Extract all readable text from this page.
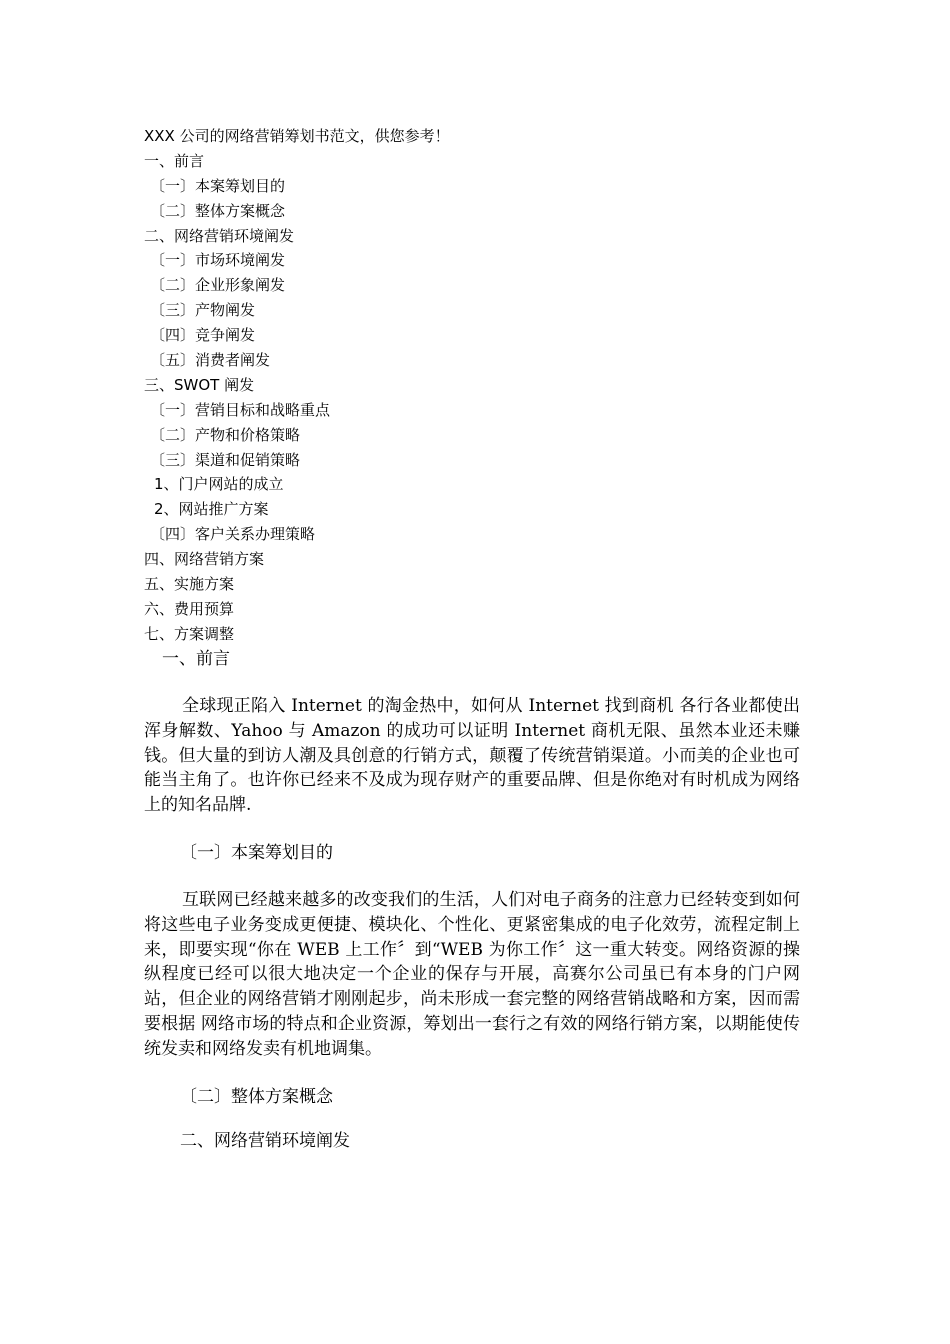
XXX 公司的网络营销筹划书范文，供您参考！
一、前言
〔一〕本案筹划目的
〔二〕整体方案概念
二、网络营销环境阐发
〔一〕市场环境阐发
〔二〕企业形象阐发
〔三〕产物阐发
〔四〕竞争阐发
〔五〕消费者阐发
三、SWOT 阐发
〔一〕营销目标和战略重点
〔二〕产物和价格策略
〔三〕渠道和促销策略
1、门户网站的成立
2、网站推广方案
〔四〕客户关系办理策略
四、网络营销方案
五、实施方案
六、费用预算
七、方案调整
一、前言

全球现正陷入 Internet 的淘金热中，如何从 Internet 找到商机 各行各业都使出浑身解数、Yahoo 与 Amazon 的成功可以证明 Internet 商机无限、虽然本业还未赚钱。但大量的到访人潮及具创意的行销方式，颠覆了传统营销渠道。小而美的企业也可能当主角了。也许你已经来不及成为现存财产的重要品牌、但是你绝对有时机成为网络上的知名品牌.

〔一〕本案筹划目的

互联网已经越来越多的改变我们的生活，人们对电子商务的注意力已经转变到如何将这些电子业务变成更便捷、模块化、个性化、更紧密集成的电子化效劳，流程定制上来，即要实现“你在 WEB 上工作〞到“WEB 为你工作〞这一重大转变。网络资源的操纵程度已经可以很大地决定一个企业的保存与开展，高赛尔公司虽已有本身的门户网站，但企业的网络营销才刚刚起步，尚未形成一套完整的网络营销战略和方案，因而需要根据 网络市场的特点和企业资源，筹划出一套行之有效的网络行销方案，以期能使传统发卖和网络发卖有机地调集。

〔二〕整体方案概念
二、网络营销环境阐发
